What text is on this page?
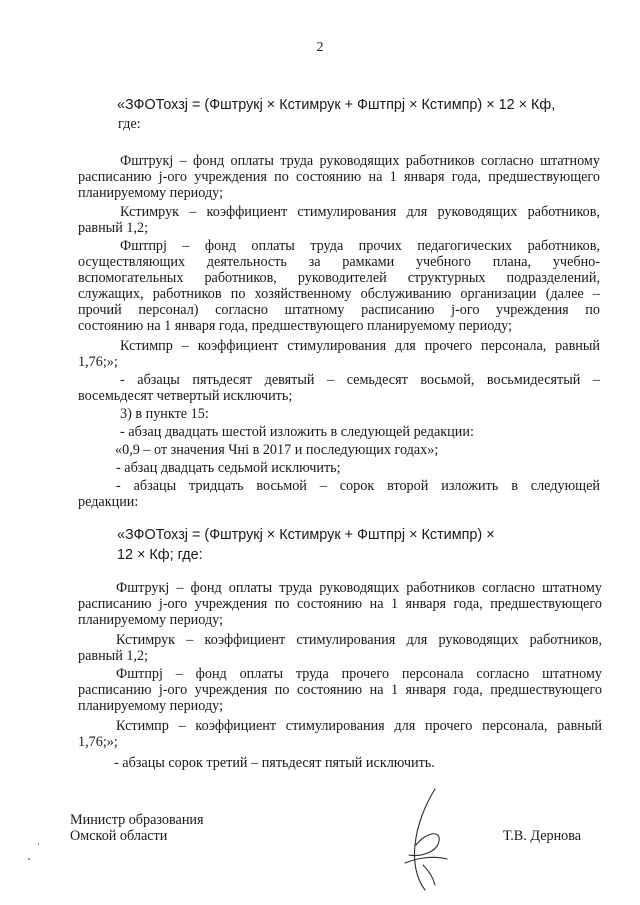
2
«ЗФОТохзj = (Фштрукj × Кстимрук + Фштпрj × Кстимпр) × 12 × Кф,
где:
Фштрукj – фонд оплаты труда руководящих работников согласно штатному
расписанию j-ого учреждения по состоянию на 1 января года, предшествующего
планируемому периоду;
Кстимрук – коэффициент стимулирования для руководящих работников,
равный 1,2;
Фштпрj – фонд оплаты труда прочих педагогических работников,
осуществляющих деятельность за рамками учебного плана, учебно-
вспомогательных работников, руководителей структурных подразделений,
служащих, работников по хозяйственному обслуживанию организации (далее –
прочий персонал) согласно штатному расписанию j-ого учреждения по
состоянию на 1 января года, предшествующего планируемому периоду;
Кстимпр – коэффициент стимулирования для прочего персонала, равный
1,76;»;
- абзацы пятьдесят девятый – семьдесят восьмой, восьмидесятый –
восемьдесят четвертый исключить;
3) в пункте 15:
- абзац двадцать шестой изложить в следующей редакции:
«0,9 – от значения Чні в 2017 и последующих годах»;
- абзац двадцать седьмой исключить;
- абзацы тридцать восьмой – сорок второй изложить в следующей
редакции:
«ЗФОТохзj = (Фштрукj × Кстимрук + Фштпрj × Кстимпр) ×
12 × Кф; где:
Фштрукj – фонд оплаты труда руководящих работников согласно штатному
расписанию j-ого учреждения по состоянию на 1 января года, предшествующего
планируемому периоду;
Кстимрук – коэффициент стимулирования для руководящих работников,
равный 1,2;
Фштпрj – фонд оплаты труда прочего персонала согласно штатному
расписанию j-ого учреждения по состоянию на 1 января года, предшествующего
планируемому периоду;
Кстимпр – коэффициент стимулирования для прочего персонала, равный
1,76;»;
- абзацы сорок третий – пятьдесят пятый исключить.
Министр образования
Омской области	Т.В. Дернова
